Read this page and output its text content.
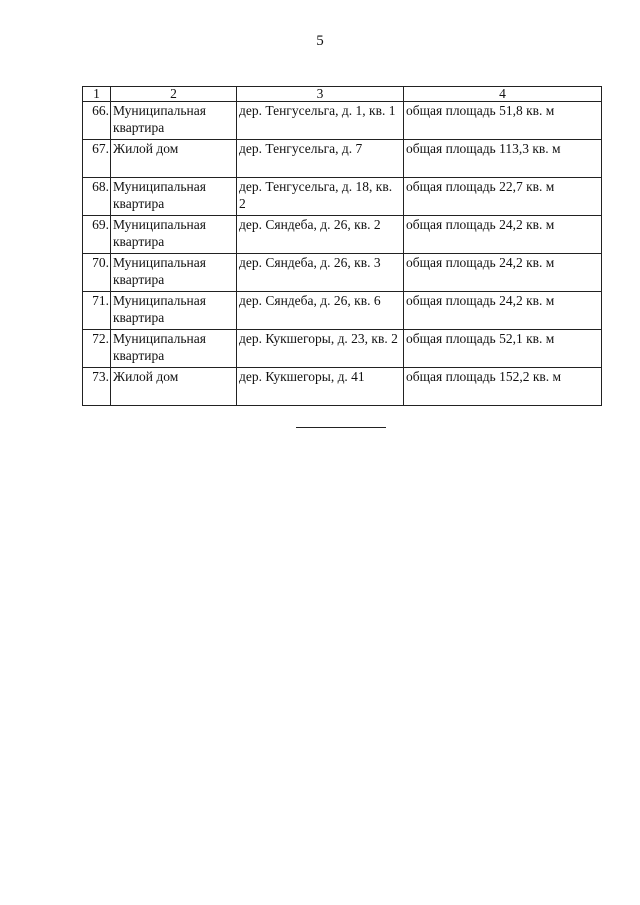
5
1	2	3	4
66.	Муниципальная квартира	дер. Тенгусельга, д. 1, кв. 1	общая площадь 51,8 кв. м
67.	Жилой дом	дер. Тенгусельга, д. 7	общая площадь 113,3 кв. м
68.	Муниципальная квартира	дер. Тенгусельга, д. 18, кв. 2	общая площадь 22,7 кв. м
69.	Муниципальная квартира	дер. Сяндеба, д. 26, кв. 2	общая площадь 24,2 кв. м
70.	Муниципальная квартира	дер. Сяндеба, д. 26, кв. 3	общая площадь 24,2 кв. м
71.	Муниципальная квартира	дер. Сяндеба, д. 26, кв. 6	общая площадь 24,2 кв. м
72.	Муниципальная квартира	дер. Кукшегоры, д. 23, кв. 2	общая площадь 52,1 кв. м
73.	Жилой дом	дер. Кукшегоры, д. 41	общая площадь 152,2 кв. м
